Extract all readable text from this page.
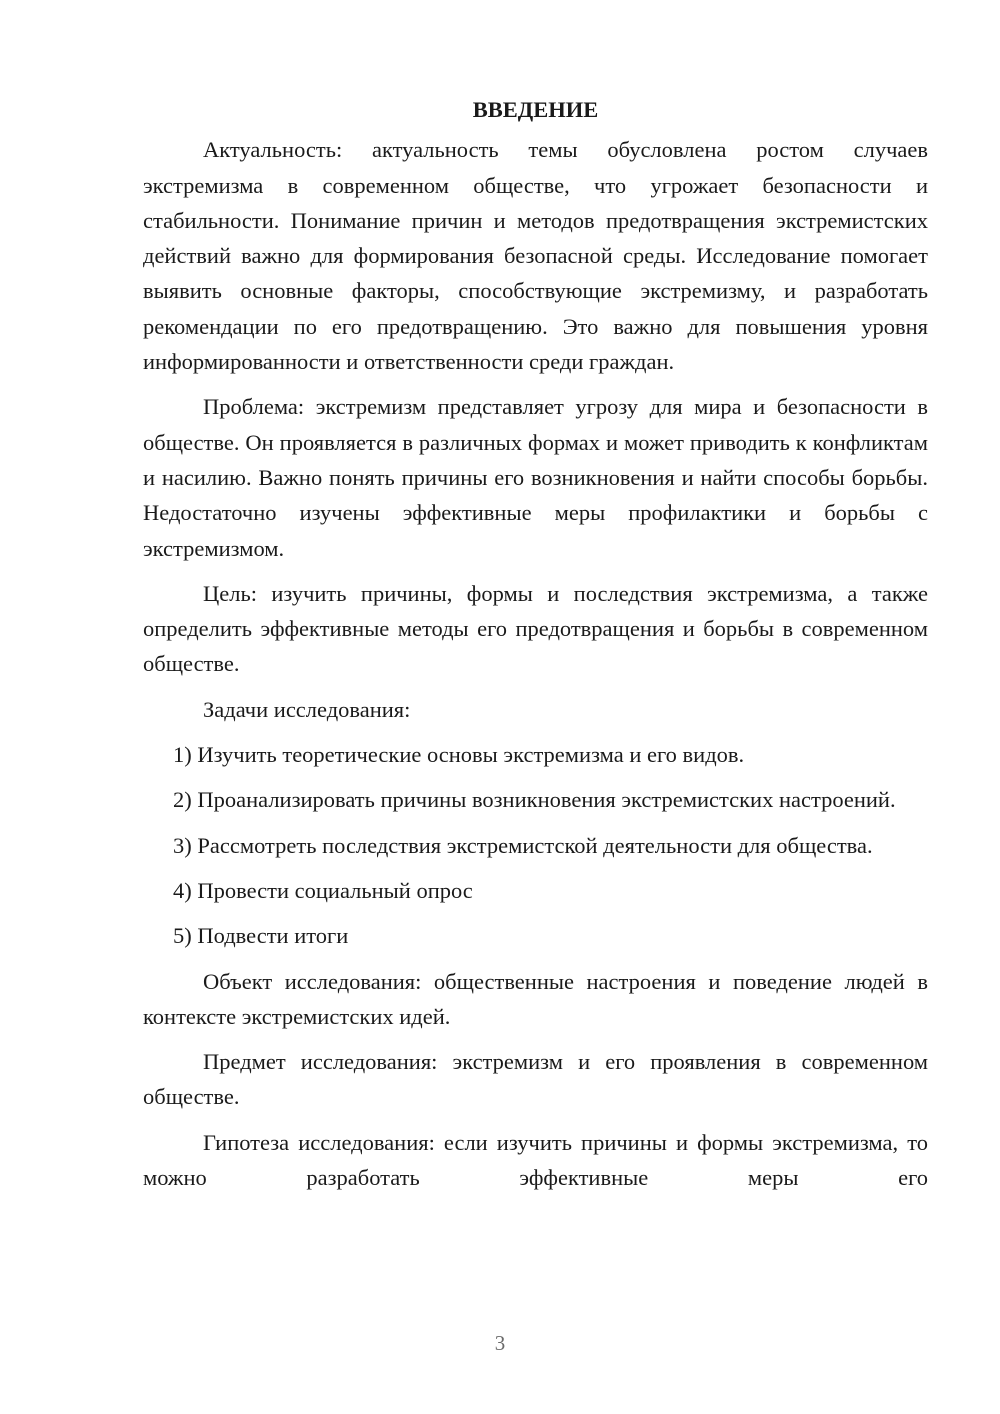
ВВЕДЕНИЕ

Актуальность: актуальность темы обусловлена ростом случаев экстремизма в современном обществе, что угрожает безопасности и стабильности. Понимание причин и методов предотвращения экстремистских действий важно для формирования безопасной среды. Исследование помогает выявить основные факторы, способствующие экстремизму, и разработать рекомендации по его предотвращению. Это важно для повышения уровня информированности и ответственности среди граждан.

Проблема: экстремизм представляет угрозу для мира и безопасности в обществе. Он проявляется в различных формах и может приводить к конфликтам и насилию. Важно понять причины его возникновения и найти способы борьбы. Недостаточно изучены эффективные меры профилактики и борьбы с экстремизмом.

Цель: изучить причины, формы и последствия экстремизма, а также определить эффективные методы его предотвращения и борьбы в современном обществе.

Задачи исследования:

1) Изучить теоретические основы экстремизма и его видов.

2) Проанализировать причины возникновения экстремистских настроений.

3) Рассмотреть последствия экстремистской деятельности для общества.

4) Провести социальный опрос

5) Подвести итоги

Объект исследования: общественные настроения и поведение людей в контексте экстремистских идей.

Предмет исследования: экстремизм и его проявления в современном обществе.

Гипотеза исследования: если изучить причины и формы экстремизма, то можно разработать эффективные меры его

3
